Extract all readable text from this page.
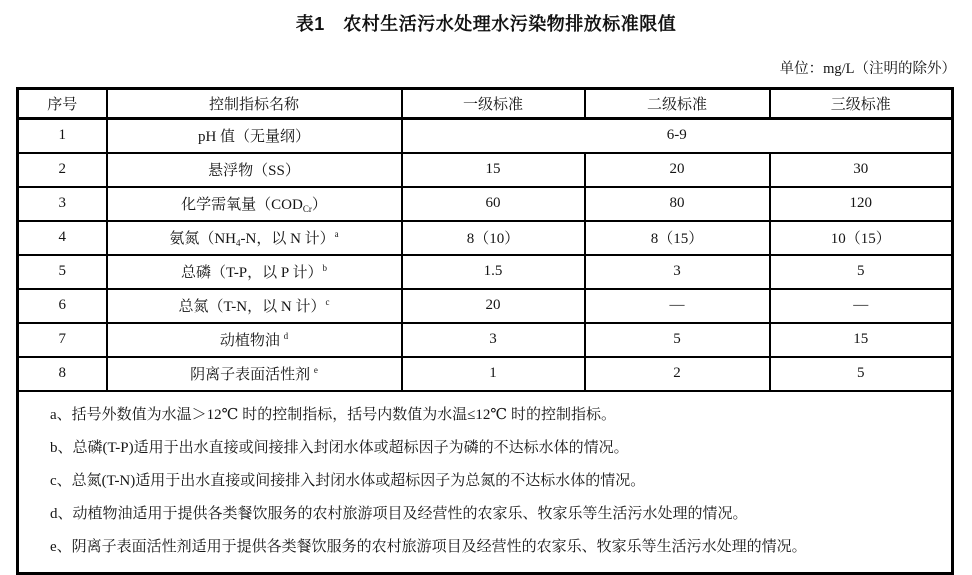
表1　农村生活污水处理水污染物排放标准限值
单位：mg/L（注明的除外）
序号	控制指标名称	一级标准	二级标准	三级标准
1	pH 值（无量纲）	6-9		
2	悬浮物（SS）	15	20	30
3	化学需氧量$(COD_{Cr})$	60	80	120
4	氨氮（$NH_4-N$，以 N 计）$^a$	8（10）	8（15）	10（15）
5	总磷（T-P，以 P 计）$^b$	1.5	3	5
6	总氮（T-N，以 N 计）$^c$	20	—	—
7	动植物油 $^d$	3	5	15
8	阴离子表面活性剂 $^e$	1	2	5

a、括号外数值为水温＞12℃ 时的控制指标，括号内数值为水温≤12℃ 时的控制指标。

b、总磷(T-P)适用于出水直接或间接排入封闭水体或超标因子为磷的不达标水体的情况。

c、总氮(T-N)适用于出水直接或间接排入封闭水体或超标因子为总氮的不达标水体的情况。

d、动植物油适用于提供各类餐饮服务的农村旅游项目及经营性的农家乐、牧家乐等生活污水处理的情况。

e、阴离子表面活性剂适用于提供各类餐饮服务的农村旅游项目及经营性的农家乐、牧家乐等生活污水处理的情况。				
